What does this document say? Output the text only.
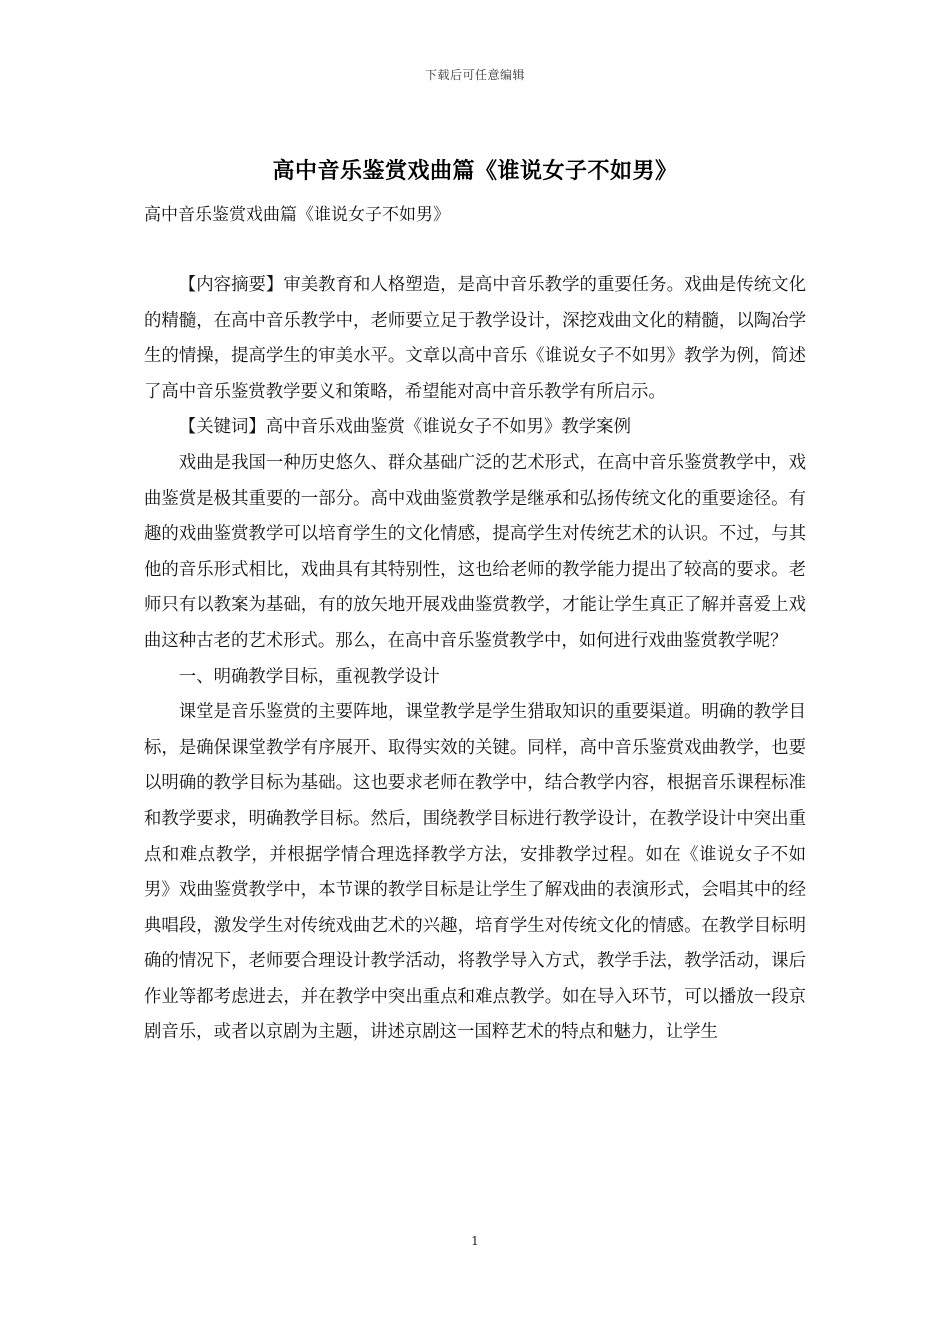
下载后可任意编辑
高中音乐鉴赏戏曲篇《谁说女子不如男》
高中音乐鉴赏戏曲篇《谁说女子不如男》

【内容摘要】审美教育和人格塑造，是高中音乐教学的重要任务。戏曲是传统文化的精髓，在高中音乐教学中，老师要立足于教学设计，深挖戏曲文化的精髓，以陶冶学生的情操，提高学生的审美水平。文章以高中音乐《谁说女子不如男》教学为例，简述了高中音乐鉴赏教学要义和策略，希望能对高中音乐教学有所启示。

【关键词】高中音乐戏曲鉴赏《谁说女子不如男》教学案例

戏曲是我国一种历史悠久、群众基础广泛的艺术形式，在高中音乐鉴赏教学中，戏曲鉴赏是极其重要的一部分。高中戏曲鉴赏教学是继承和弘扬传统文化的重要途径。有趣的戏曲鉴赏教学可以培育学生的文化情感，提高学生对传统艺术的认识。不过，与其他的音乐形式相比，戏曲具有其特别性，这也给老师的教学能力提出了较高的要求。老师只有以教案为基础，有的放矢地开展戏曲鉴赏教学，才能让学生真正了解并喜爱上戏曲这种古老的艺术形式。那么，在高中音乐鉴赏教学中，如何进行戏曲鉴赏教学呢？

一、明确教学目标，重视教学设计

课堂是音乐鉴赏的主要阵地，课堂教学是学生猎取知识的重要渠道。明确的教学目标，是确保课堂教学有序展开、取得实效的关键。同样，高中音乐鉴赏戏曲教学，也要以明确的教学目标为基础。这也要求老师在教学中，结合教学内容，根据音乐课程标准和教学要求，明确教学目标。然后，围绕教学目标进行教学设计，在教学设计中突出重点和难点教学，并根据学情合理选择教学方法，安排教学过程。如在《谁说女子不如男》戏曲鉴赏教学中，本节课的教学目标是让学生了解戏曲的表演形式，会唱其中的经典唱段，激发学生对传统戏曲艺术的兴趣，培育学生对传统文化的情感。在教学目标明确的情况下，老师要合理设计教学活动，将教学导入方式，教学手法，教学活动，课后作业等都考虑进去，并在教学中突出重点和难点教学。如在导入环节，可以播放一段京剧音乐，或者以京剧为主题，讲述京剧这一国粹艺术的特点和魅力，让学生

1
